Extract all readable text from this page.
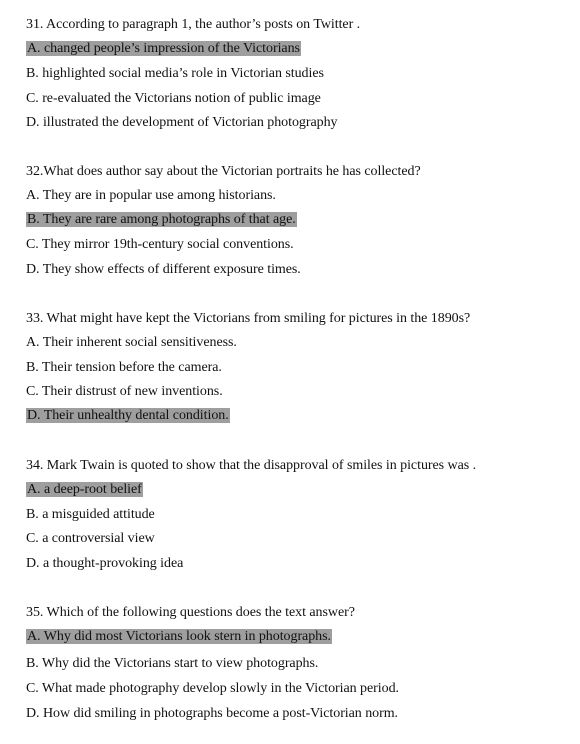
31. According to paragraph 1, the author’s posts on Twitter .
A. changed people’s impression of the Victorians
B. highlighted social media’s role in Victorian studies
C. re-evaluated the Victorians notion of public image
D. illustrated the development of Victorian photography
32.What does author say about the Victorian portraits he has collected?
A. They are in popular use among historians.
B. They are rare among photographs of that age.
C. They mirror 19th-century social conventions.
D. They show effects of different exposure times.
33. What might have kept the Victorians from smiling for pictures in the 1890s?
A. Their inherent social sensitiveness.
B. Their tension before the camera.
C. Their distrust of new inventions.
D. Their unhealthy dental condition.
34. Mark Twain is quoted to show that the disapproval of smiles in pictures was .
A. a deep-root belief
B. a misguided attitude
C. a controversial view
D. a thought-provoking idea
35. Which of the following questions does the text answer?
A. Why did most Victorians look stern in photographs.
B. Why did the Victorians start to view photographs.
C. What made photography develop slowly in the Victorian period.
D. How did smiling in photographs become a post-Victorian norm.
